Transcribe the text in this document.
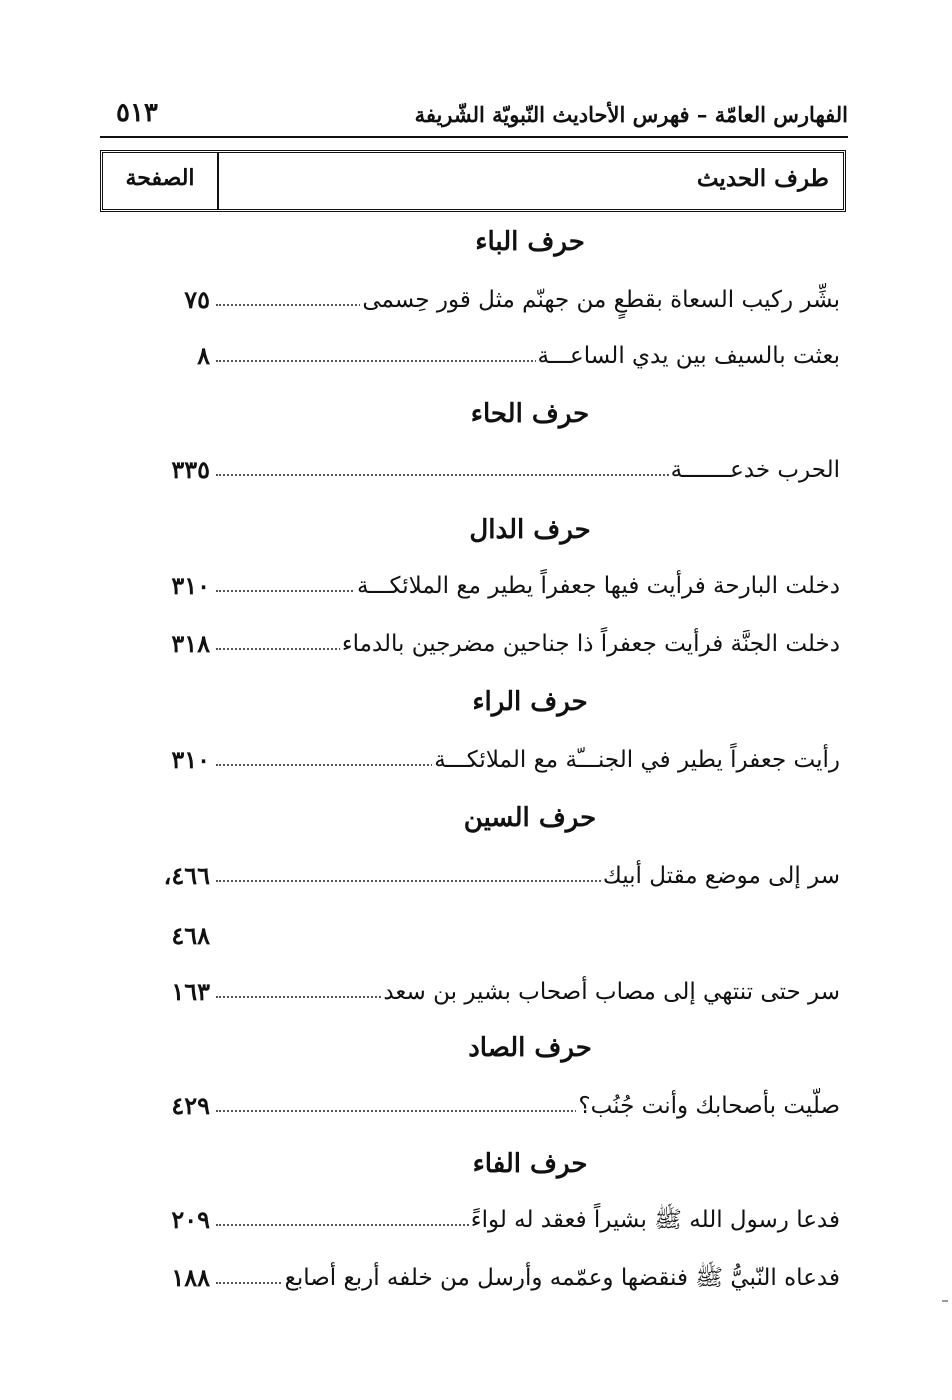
الفهارس العامّة – فهرس الأحاديث النّبويّة الشّريفة
٥١٣
طرف الحديث
الصفحة
حرف الباء
بشِّر ركيب السعاة بقطعٍ من جهنّم مثل قور حِسمى
٧٥
بعثت بالسيف بين يدي الساعـــة
٨
حرف الحاء
الحرب خدعـــــــة
٣٣٥
حرف الدال
دخلت البارحة فرأيت فيها جعفراً يطير مع الملائكـــة
٣١٠
دخلت الجنَّة فرأيت جعفراً ذا جناحين مضرجين بالدماء
٣١٨
حرف الراء
رأيت جعفراً يطير في الجنـــّة مع الملائكـــة
٣١٠
حرف السين
سر إلى موضع مقتل أبيك
٤٦٦،
٤٦٨
سر حتى تنتهي إلى مصاب أصحاب بشير بن سعد
١٦٣
حرف الصاد
صلّيت بأصحابك وأنت جُنُب؟
٤٢٩
حرف الفاء
فدعا رسول الله ﷺ بشيراً فعقد له لواءً
٢٠٩
فدعاه النّبيُّ ﷺ فنقضها وعمّمه وأرسل من خلفه أربع أصابع
١٨٨
